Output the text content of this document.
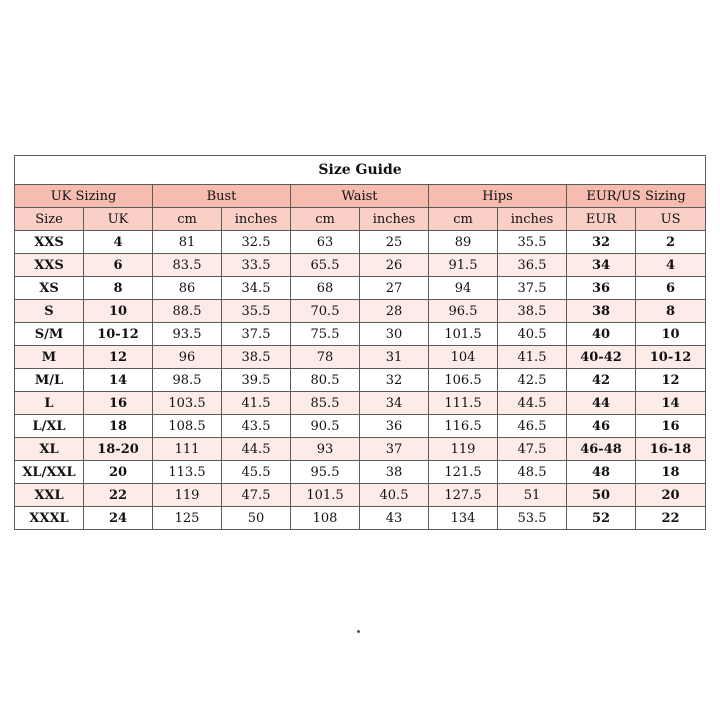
Size Guide									
UK Sizing		Bust		Waist		Hips		EUR/US Sizing	
Size	UK	cm	inches	cm	inches	cm	inches	EUR	US
XXS	4	81	32.5	63	25	89	35.5	32	2
XXS	6	83.5	33.5	65.5	26	91.5	36.5	34	4
XS	8	86	34.5	68	27	94	37.5	36	6
S	10	88.5	35.5	70.5	28	96.5	38.5	38	8
S/M	10-12	93.5	37.5	75.5	30	101.5	40.5	40	10
M	12	96	38.5	78	31	104	41.5	40-42	10-12
M/L	14	98.5	39.5	80.5	32	106.5	42.5	42	12
L	16	103.5	41.5	85.5	34	111.5	44.5	44	14
L/XL	18	108.5	43.5	90.5	36	116.5	46.5	46	16
XL	18-20	111	44.5	93	37	119	47.5	46-48	16-18
XL/XXL	20	113.5	45.5	95.5	38	121.5	48.5	48	18
XXL	22	119	47.5	101.5	40.5	127.5	51	50	20
XXXL	24	125	50	108	43	134	53.5	52	22
